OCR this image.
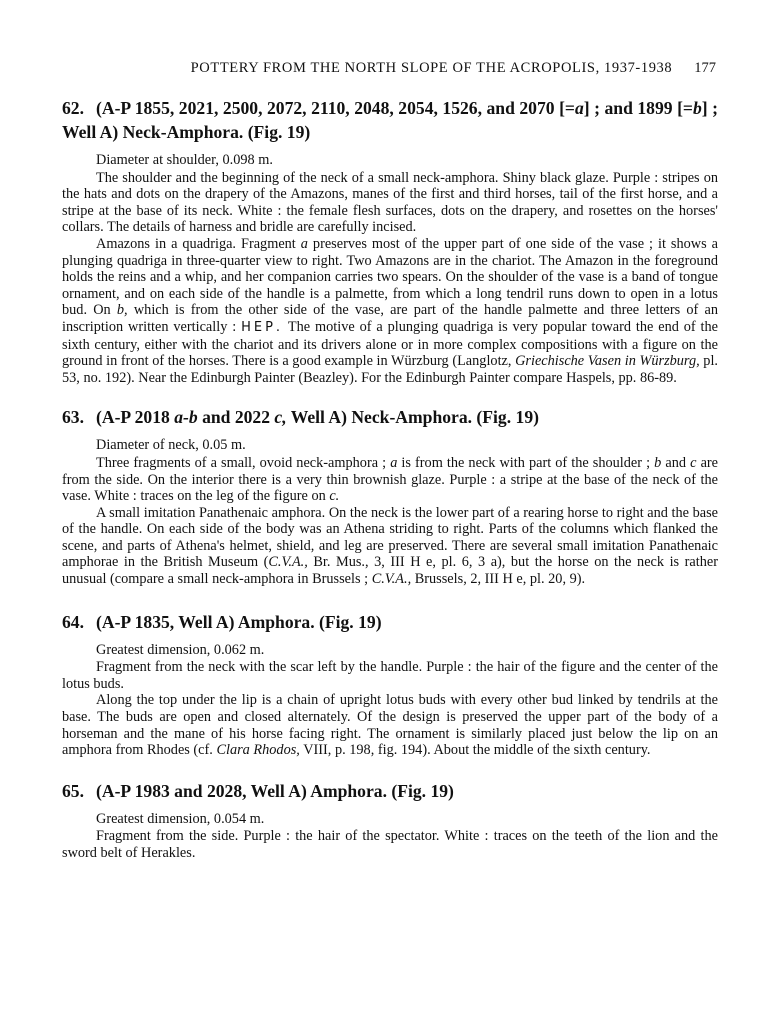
POTTERY FROM THE NORTH SLOPE OF THE ACROPOLIS, 1937-1938 177
62. (A-P 1855, 2021, 2500, 2072, 2110, 2048, 2054, 1526, and 2070 [=a] ; and 1899 [=b] ; Well A) Neck-Amphora. (Fig. 19)

Diameter at shoulder, 0.098 m.

The shoulder and the beginning of the neck of a small neck-amphora. Shiny black glaze. Purple : stripes on the hats and dots on the drapery of the Amazons, manes of the first and third horses, tail of the first horse, and a stripe at the base of its neck. White : the female flesh surfaces, dots on the drapery, and rosettes on the horses' collars. The details of harness and bridle are carefully incised.

Amazons in a quadriga. Fragment a preserves most of the upper part of one side of the vase ; it shows a plunging quadriga in three-quarter view to right. Two Amazons are in the chariot. The Amazon in the foreground holds the reins and a whip, and her companion carries two spears. On the shoulder of the vase is a band of tongue ornament, and on each side of the handle is a palmette, from which a long tendril runs down to open in a lotus bud. On b, which is from the other side of the vase, are part of the handle palmette and three letters of an inscription written vertically : ΗΕΡ. The motive of a plunging quadriga is very popular toward the end of the sixth century, either with the chariot and its drivers alone or in more complex compositions with a figure on the ground in front of the horses. There is a good example in Würzburg (Langlotz, Griechische Vasen in Würzburg, pl. 53, no. 192). Near the Edinburgh Painter (Beazley). For the Edinburgh Painter compare Haspels, pp. 86-89.

63. (A-P 2018 a-b and 2022 c, Well A) Neck-Amphora. (Fig. 19)

Diameter of neck, 0.05 m.

Three fragments of a small, ovoid neck-amphora ; a is from the neck with part of the shoulder ; b and c are from the side. On the interior there is a very thin brownish glaze. Purple : a stripe at the base of the neck of the vase. White : traces on the leg of the figure on c.

A small imitation Panathenaic amphora. On the neck is the lower part of a rearing horse to right and the base of the handle. On each side of the body was an Athena striding to right. Parts of the columns which flanked the scene, and parts of Athena's helmet, shield, and leg are preserved. There are several small imitation Panathenaic amphorae in the British Museum (C.V.A., Br. Mus., 3, III H e, pl. 6, 3 a), but the horse on the neck is rather unusual (compare a small neck-amphora in Brussels ; C.V.A., Brussels, 2, III H e, pl. 20, 9).

64. (A-P 1835, Well A) Amphora. (Fig. 19)

Greatest dimension, 0.062 m.

Fragment from the neck with the scar left by the handle. Purple : the hair of the figure and the center of the lotus buds.

Along the top under the lip is a chain of upright lotus buds with every other bud linked by tendrils at the base. The buds are open and closed alternately. Of the design is preserved the upper part of the body of a horseman and the mane of his horse facing right. The ornament is similarly placed just below the lip on an amphora from Rhodes (cf. Clara Rhodos, VIII, p. 198, fig. 194). About the middle of the sixth century.

65. (A-P 1983 and 2028, Well A) Amphora. (Fig. 19)

Greatest dimension, 0.054 m.

Fragment from the side. Purple : the hair of the spectator. White : traces on the teeth of the lion and the sword belt of Herakles.
